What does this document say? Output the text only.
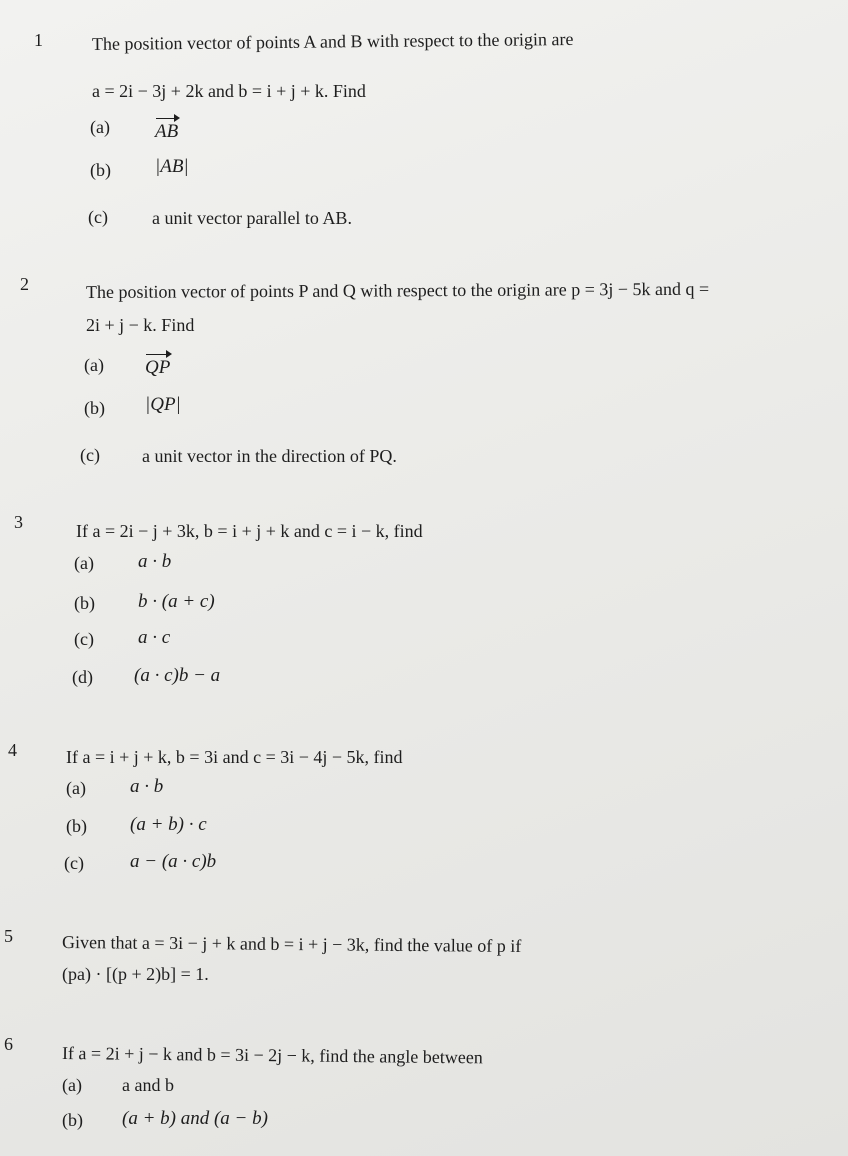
1	The position vector of points A and B with respect to the origin are
a = 2i − 3j + 2k and b = i + j + k. Find
(a) AB
(b) |AB|
(c) a unit vector parallel to AB.
2	The position vector of points P and Q with respect to the origin are p = 3j − 5k and q =
2i + j − k. Find
(a) QP
(b) |QP|
(c) a unit vector in the direction of PQ.
3	If a = 2i − j + 3k, b = i + j + k and c = i − k, find
(a) a · b
(b) b · (a + c)
(c) a · c
(d) (a · c)b − a
4	If a = i + j + k, b = 3i and c = 3i − 4j − 5k, find
(a) a · b
(b) (a + b) · c
(c) a − (a · c)b
5	Given that a = 3i − j + k and b = i + j − 3k, find the value of p if
(pa) · [(p + 2)b] = 1.
6	If a = 2i + j − k and b = 3i − 2j − k, find the angle between
(a) a and b
(b) (a + b) and (a − b)
